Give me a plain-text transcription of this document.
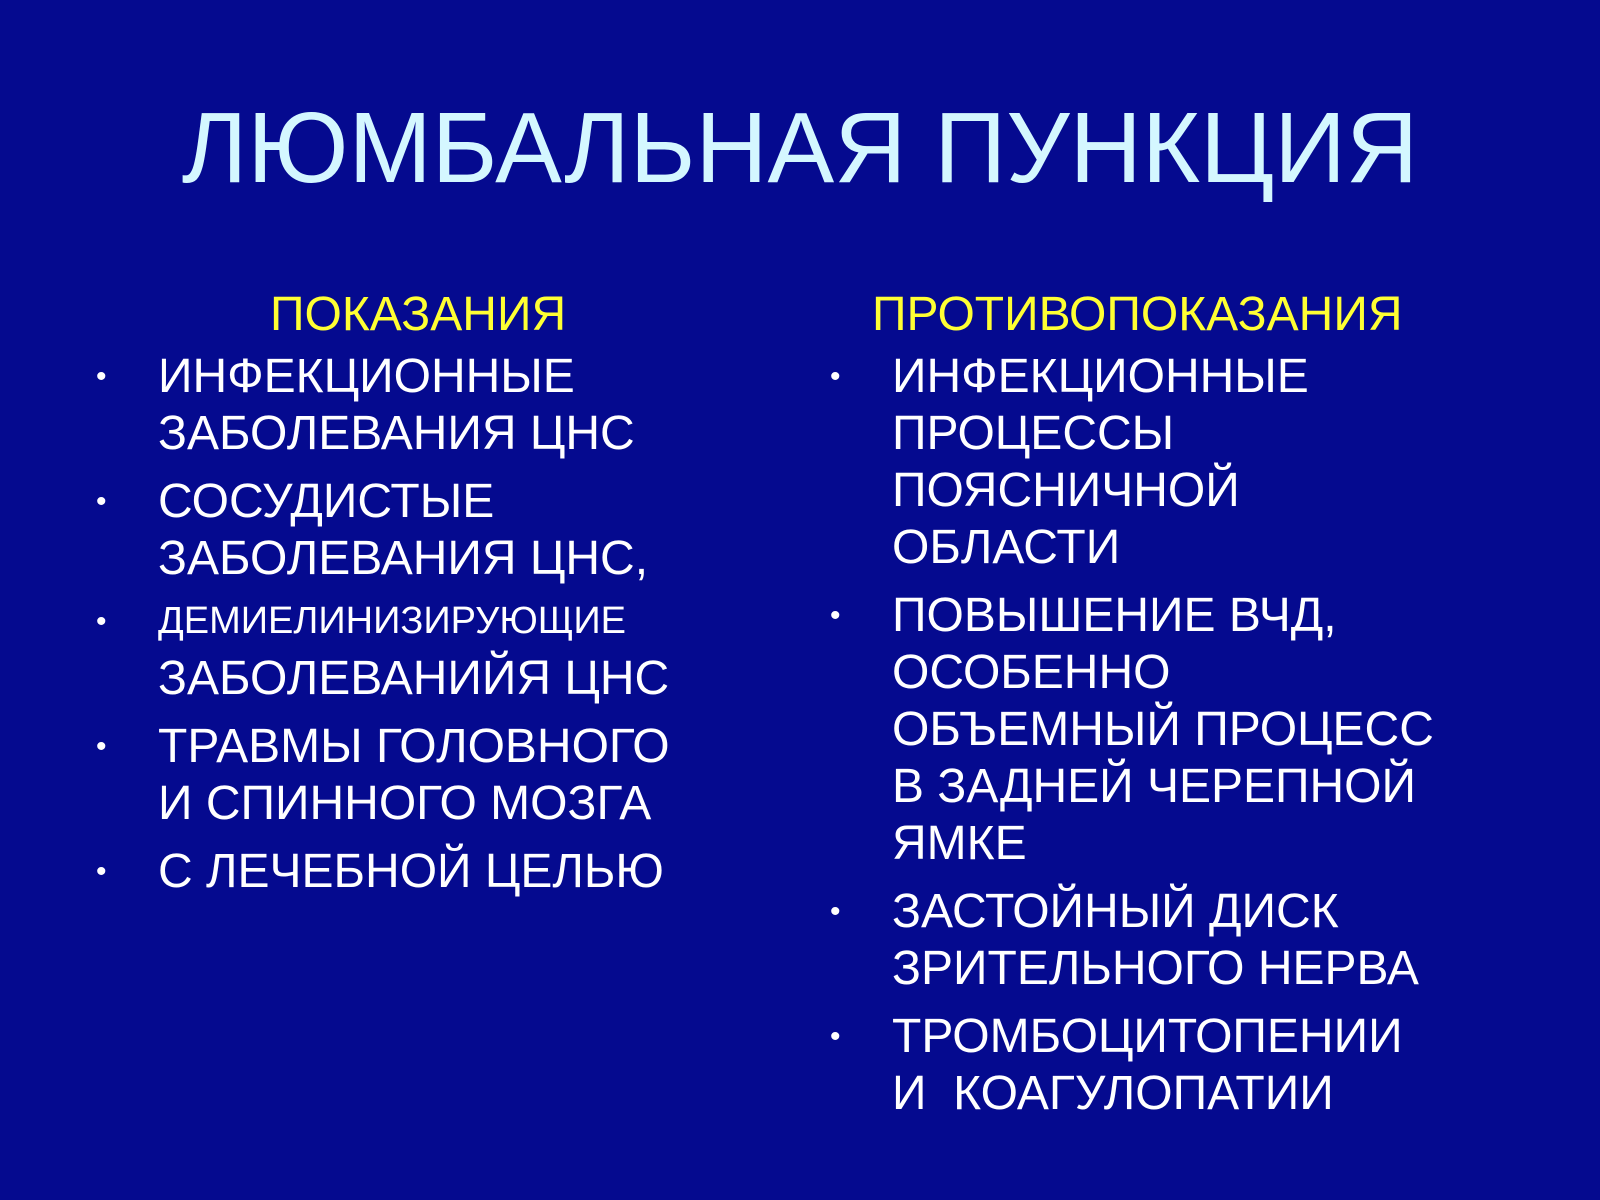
ЛЮМБАЛЬНАЯ ПУНКЦИЯ
ПОКАЗАНИЯ
•	ИНФЕКЦИОННЫЕ
ЗАБОЛЕВАНИЯ ЦНС
•	СОСУДИСТЫЕ
ЗАБОЛЕВАНИЯ ЦНС,
•	ДЕМИЕЛИНИЗИРУЮЩИЕ
ЗАБОЛЕВАНИЙЯ ЦНС
•	ТРАВМЫ ГОЛОВНОГО
И СПИННОГО МОЗГА
•	С ЛЕЧЕБНОЙ ЦЕЛЬЮ
ПРОТИВОПОКАЗАНИЯ
•	ИНФЕКЦИОННЫЕ
ПРОЦЕССЫ
ПОЯСНИЧНОЙ
ОБЛАСТИ
•	ПОВЫШЕНИЕ ВЧД,
ОСОБЕННО
ОБЪЕМНЫЙ ПРОЦЕСС
В ЗАДНЕЙ ЧЕРЕПНОЙ
ЯМКЕ
•	ЗАСТОЙНЫЙ ДИСК
ЗРИТЕЛЬНОГО НЕРВА
•	ТРОМБОЦИТОПЕНИИ
И  КОАГУЛОПАТИИ
